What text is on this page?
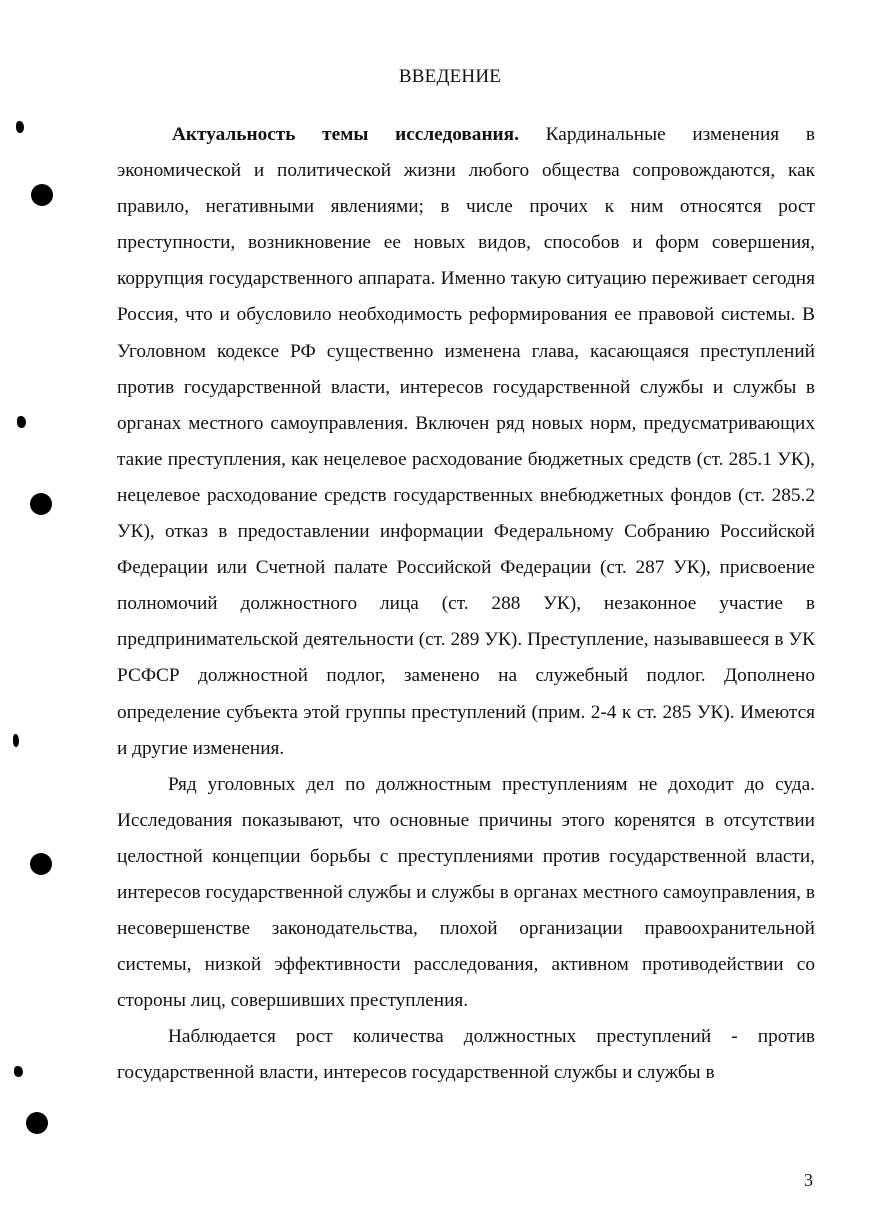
ВВЕДЕНИЕ

Актуальность темы исследования. Кардинальные изменения в экономической и политической жизни любого общества сопровождаются, как правило, негативными явлениями; в числе прочих к ним относятся рост преступности, возникновение ее новых видов, способов и форм совершения, коррупция государственного аппарата. Именно такую ситуацию переживает сегодня Россия, что и обусловило необходимость реформирования ее правовой системы. В Уголовном кодексе РФ существенно изменена глава, касающаяся преступлений против государственной власти, интересов государственной службы и службы в органах местного самоуправления. Включен ряд новых норм, предусматривающих такие преступления, как нецелевое расходование бюджетных средств (ст. 285.1 УК), нецелевое расходование средств государственных внебюджетных фондов (ст. 285.2 УК), отказ в предоставлении информации Федеральному Собранию Российской Федерации или Счетной палате Российской Федерации (ст. 287 УК), присвоение полномочий должностного лица (ст. 288 УК), незаконное участие в предпринимательской деятельности (ст. 289 УК). Преступление, называвшееся в УК РСФСР должностной подлог, заменено на служебный подлог. Дополнено определение субъекта этой группы преступлений (прим. 2-4 к ст. 285 УК). Имеются и другие изменения.

Ряд уголовных дел по должностным преступлениям не доходит до суда. Исследования показывают, что основные причины этого коренятся в отсутствии целостной концепции борьбы с преступлениями против государственной власти, интересов государственной службы и службы в органах местного самоуправления, в несовершенстве законодательства, плохой организации правоохранительной системы, низкой эффективности расследования, активном противодействии со стороны лиц, совершивших преступления.

Наблюдается рост количества должностных преступлений - против государственной власти, интересов государственной службы и службы в

3
